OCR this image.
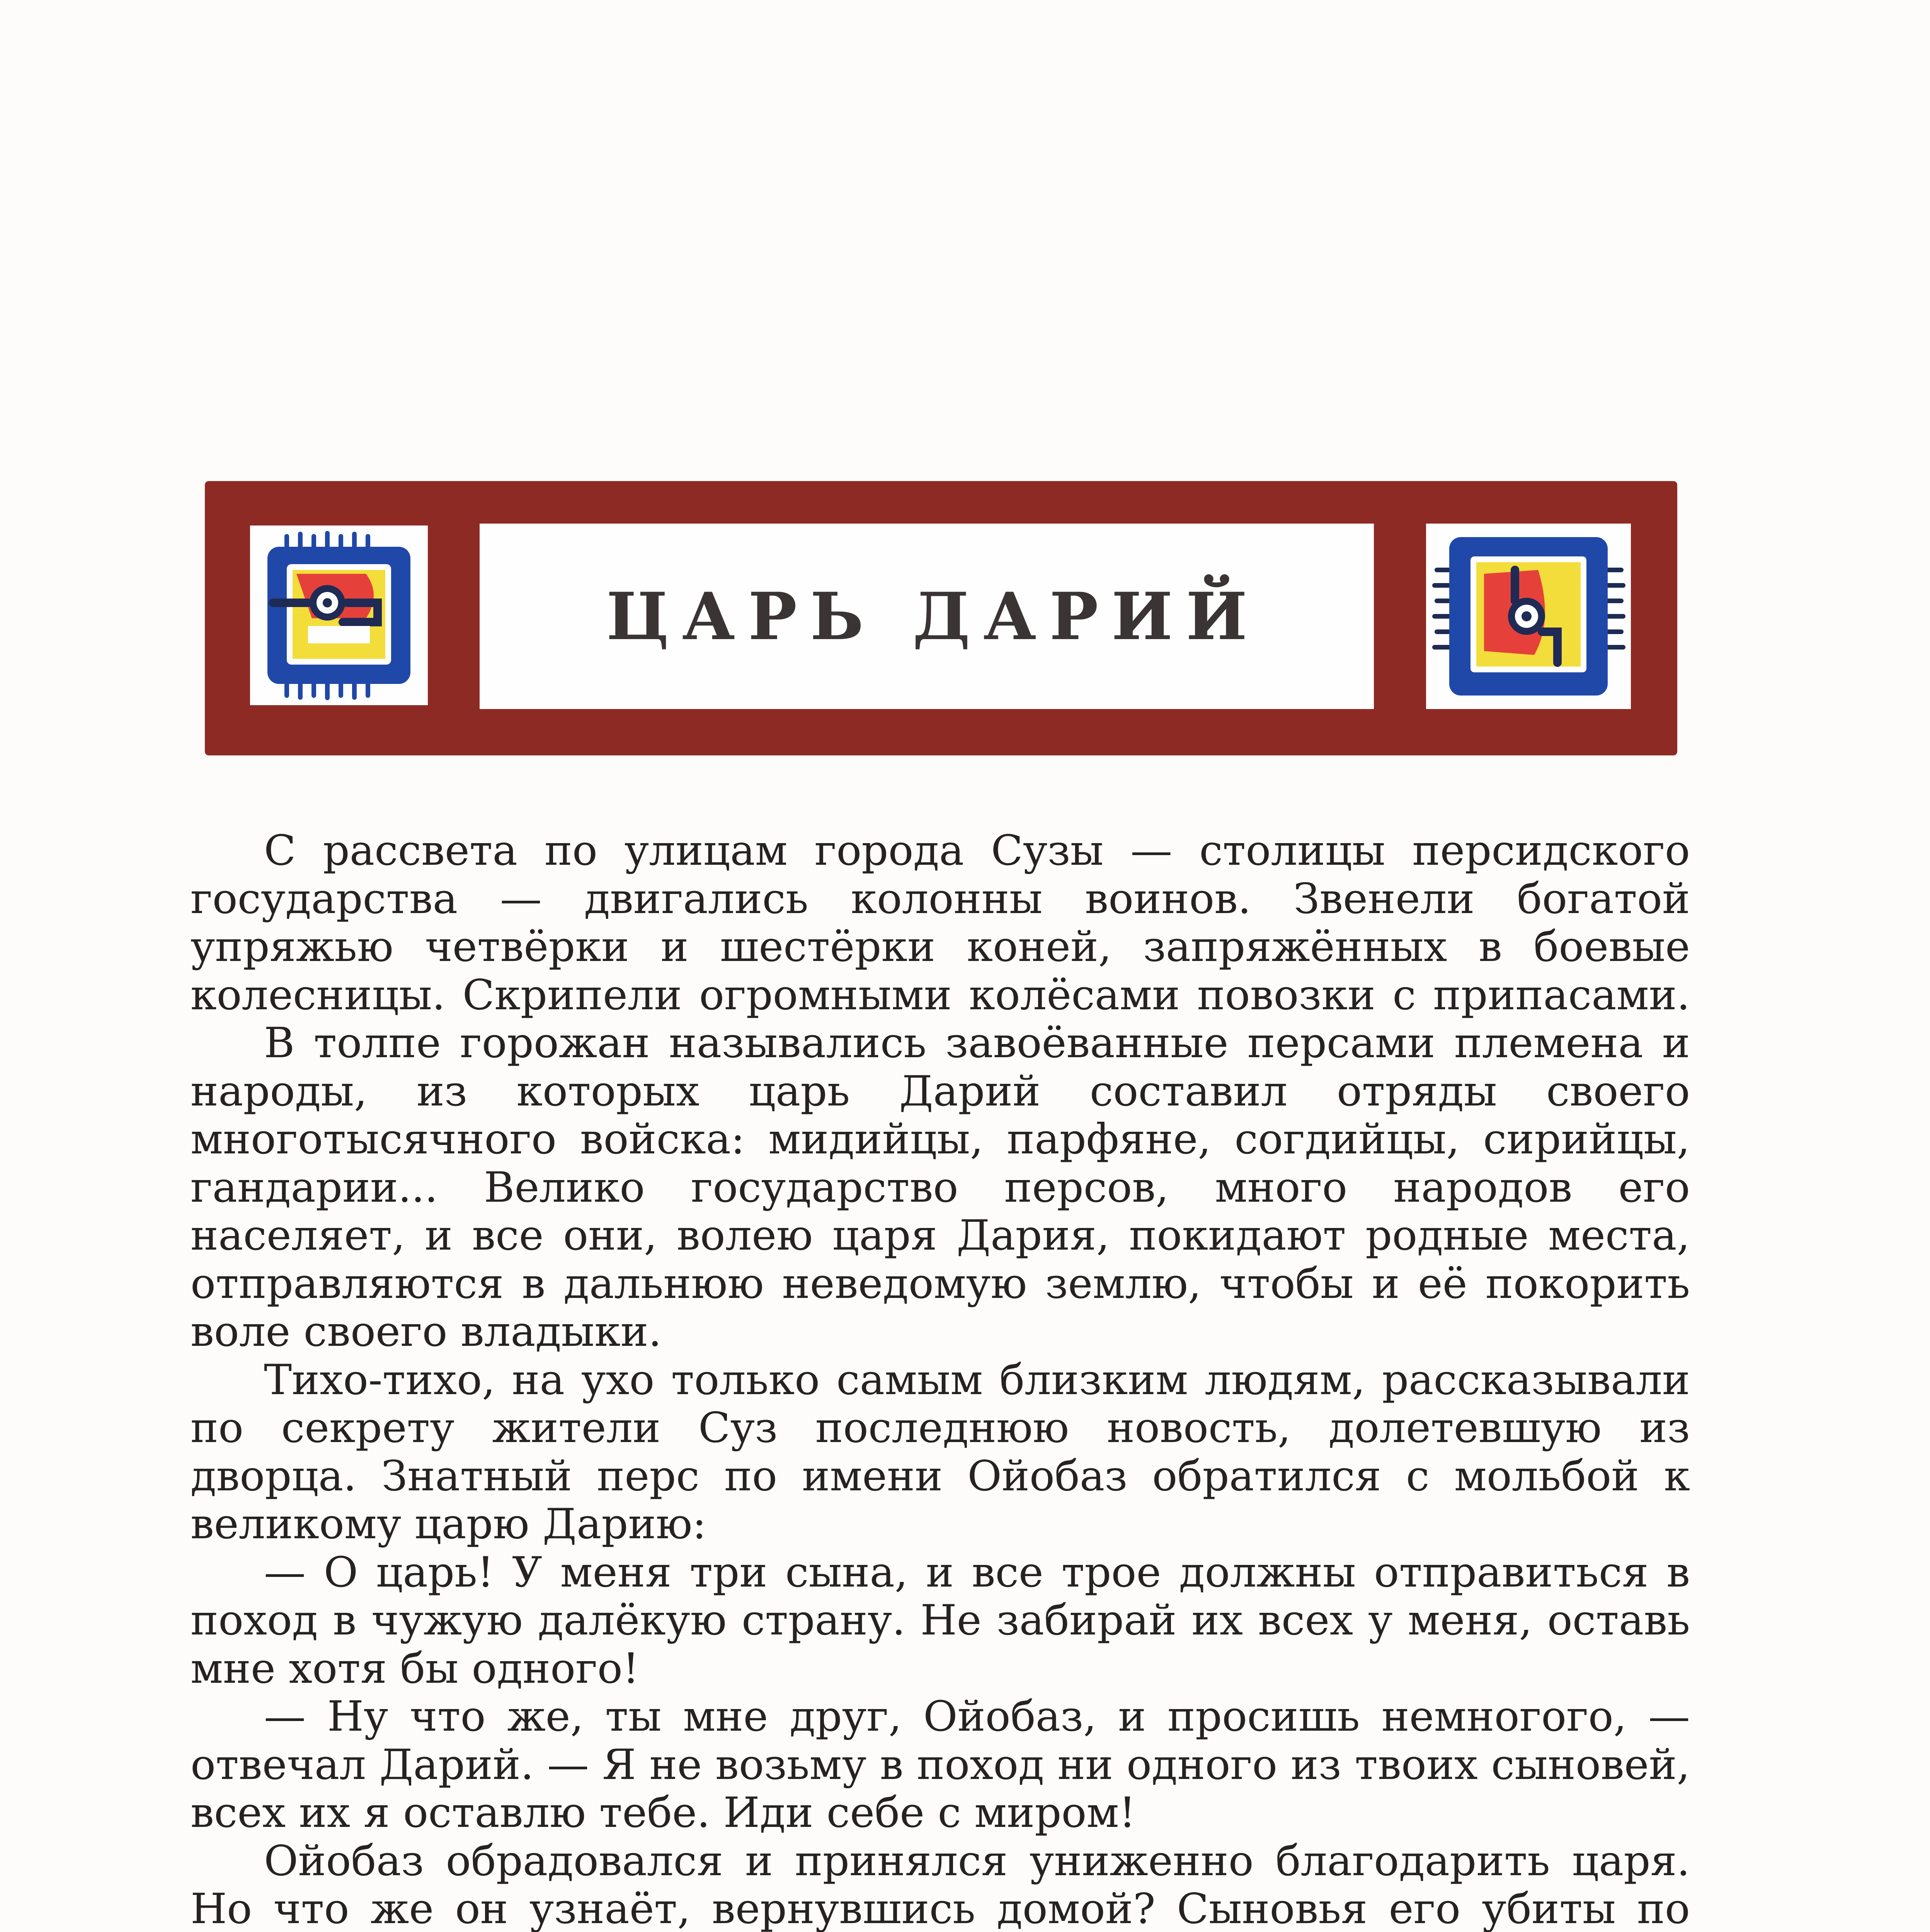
ЦАРЬ ДАРИЙ

С рассвета по улицам города Сузы — столицы персидского государства — двигались колонны воинов. Звенели богатой упряжью четвёрки и шестёрки коней, запряжённых в боевые колесницы. Скрипели огромными колёсами повозки с припасами.

В толпе горожан назывались завоёванные персами племена и народы, из которых царь Дарий составил отряды своего многотысячного войска: мидийцы, парфяне, согдийцы, сирийцы, гандарии... Велико государство персов, много народов его населяет, и все они, волею царя Дария, покидают родные места, отправляются в дальнюю неведомую землю, чтобы и её покорить воле своего владыки.

Тихо-тихо, на ухо только самым близким людям, рассказывали по секрету жители Суз последнюю новость, долетевшую из дворца. Знатный перс по имени Ойобаз обратился с мольбой к великому царю Дарию:

— О царь! У меня три сына, и все трое должны отправиться в поход в чужую далёкую страну. Не забирай их всех у меня, оставь мне хотя бы одного!

— Ну что же, ты мне друг, Ойобаз, и просишь немногого, — отвечал Дарий. — Я не возьму в поход ни одного из твоих сыновей, всех их я оставлю тебе. Иди себе с миром!

Ойобаз обрадовался и принялся униженно благодарить царя. Но что же он узнаёт, вернувшись домой? Сыновья его убиты по
